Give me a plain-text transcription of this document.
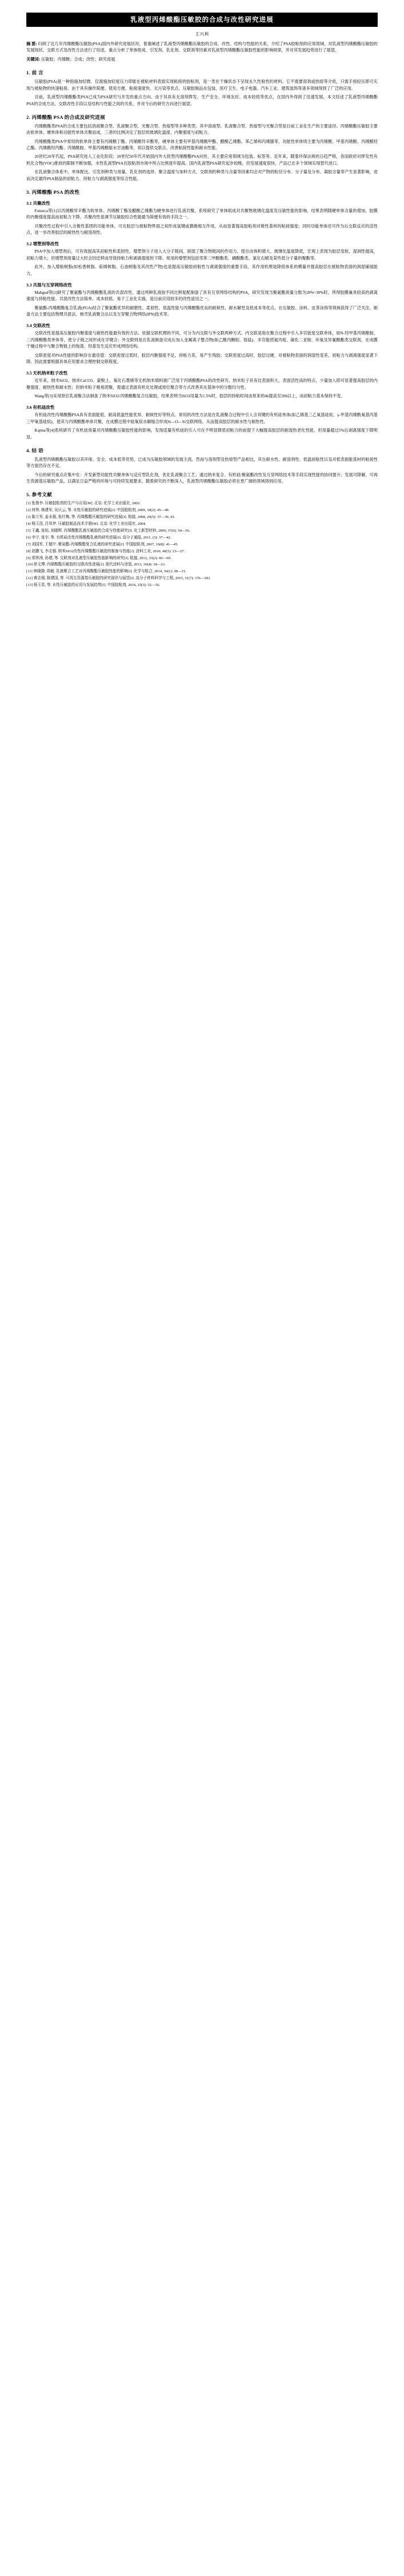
乳液型丙烯酸酯压敏胶的合成与改性研究进展
王兴利
摘 要: 归纳了近几年丙烯酸酯压敏胶(PSA)国内外研究进展状况，着重阐述了乳液型丙烯酸酯压敏胶的合成、改性、结构与性能的关系，介绍了PSA胶粘剂的应用领域。对乳液型丙烯酸酯压敏胶的发展现状、交联方式及改性方法进行了综述，重点分析了单体组成、引发剂、乳化剂、交联剂等因素对乳液型丙烯酸酯压敏胶性能的影响规律，并对其发展趋势进行了展望。
关键词: 压敏胶；丙烯酸；合成；改性；研究进展
1. 前 言

压敏胶(PSA)是一种指施加轻微、仅需施加轻度压力即能在被粘材料表面实现粘接的胶粘剂，是一类在干燥状态下呈现永久性粘性的材料。它不需要溶剂或热熔等介质，只需手指轻压即可实现与被粘物的快速粘接。由于具有操作简便、使用方便、粘接速度快、无污染等优点，压敏胶制品在包装、医疗卫生、电子电器、汽车工业、建筑装饰等诸多领域得到了广泛的应用。

目前，乳液型丙烯酸酯类PSA已成为PSA研究与开发的重点方向。由于其具有无溶剂挥发、生产安全、环境友好、成本较低等优点，在国内外得到了迅速发展。本文综述了乳液型丙烯酸酯PSA的合成方法、交联改性手段以及结构与性能之间的关系，并对今后的研究方向进行展望。

2. 丙烯酸酯 PSA 的合成及研究进展

丙烯酸酯类PSA的合成主要包括溶液聚合型、乳液聚合型、光聚合型、热熔型等多种类型。其中溶液型、乳液聚合型、热熔型与光聚合型是目前工业化生产的主要途径。丙烯酸酯压敏胶主要由软单体、硬单体和功能性单体共聚而成，三者的比例决定了胶层的玻璃化温度、内聚强度与初粘力。

丙烯酸酯类PSA中常用的软单体主要有丙烯酸丁酯、丙烯酸异辛酯等，硬单体主要有甲基丙烯酸甲酯、醋酸乙烯酯、苯乙烯和丙烯腈等，功能性单体则主要为丙烯酸、甲基丙烯酸、丙烯酸羟乙酯、丙烯酸羟丙酯、丙烯酰胺、甲基丙烯酸缩水甘油酯等，用以提供交联点、改善粘接性能和耐水性能。

20世纪20年代起，PSA研究进入工业化阶段；20世纪50年代开始国内外大批型丙烯酸酯PSA问世，其主要应用领域为包装、标签等。近年来，随着环保法规的日趋严格，各国政府对挥发性有机化合物(VOC)排放的限制不断加强，水性乳液型PSA在胶粘剂市场中所占比例逐年提高。国内乳液型PSA研究起步较晚，但发展速度很快，产品已在多个领域实现替代进口。

在乳液聚合体系中，单体配比、引发剂种类与用量、乳化剂的选择、聚合温度与加料方式、交联剂的种类与含量等因素均会对产物的粒径分布、分子量及分布、凝胶含量等产生显著影响，进而决定最终PSA制品的初粘力、持粘力与剥离强度等综合性能。

3. 丙烯酸酯 PSA 的改性
3.1 共聚改性

Fonseca等[1]以丙烯酸异辛酯为软单体、丙烯酸丁酯及醋酸乙烯酯为硬单体进行乳液共聚，系统研究了单体组成对共聚物玻璃化温度及压敏性能的影响，结果表明随硬单体含量的增加，胶膜的内聚强度提高而初粘力下降。共聚改性是调节压敏胶综合性能最为简便有效的手段之一。

共聚改性过程中引入含极性基团的功能单体，可在胶层与被粘物界面之间形成氢键或偶极相互作用，从而显著提高胶粘剂对极性基材的粘接强度；同时功能单体还可作为后交联反应的活性点，进一步改善胶层的耐热性与耐溶剂性。

3.2 增塑剂等改性

PSA中加入增塑剂后，可有效提高其初粘性和柔韧性。增塑剂分子进入大分子链间，削弱了聚合物链间的作用力，使自由体积增大、玻璃化温度降低，宏观上表现为胶层变软、湿润性提高，初粘力增大；但增塑剂用量过大时会因迁移而导致持粘力和剥离强度的下降。常用的增塑剂包括邻苯二甲酸酯类、磷酸酯类、氯化石蜡及某些低分子量的聚酯等。

此外，加入增粘树脂(如松香树脂、萜烯树脂、石油树脂及其改性产物)也是提高压敏胶初粘性与剥离强度的重要手段，其作用机理是降低体系的模量并提高胶层在被粘物表面的润湿铺展能力。

3.3 共混与互穿网络改性

Mabgud等[2]研究了聚氨酯与丙烯酸酯乳液的共混改性，通过两种乳液按不同比例复配制备了具有互穿网络结构的PSA，研究发现当聚氨酯质量分数为20%~30%时，所得胶膜兼具较高的剥离强度与持粘性能。共混改性方法简单、成本较低、易于工业化实施，是目前应用较多的改性途径之一。

聚氨酯-丙烯酸酯复合乳液(PUA)结合了聚氨酯优异的耐磨性、柔韧性、低温性能与丙烯酸酯优良的耐候性、耐水解性及低成本等优点，在压敏胶、涂料、皮革涂饰等领域获得了广泛关注。制备方法主要包括物理共混法、核壳乳液聚合法以及互穿聚合物网络(IPN)技术等。

3.4 交联改性

交联改性是提高压敏胶内聚强度与耐热性能最有效的方法。依据交联机理的不同，可分为内交联与外交联两种方式。内交联是指在聚合过程中引入多官能度交联单体，如N-羟甲基丙烯酰胺、二丙烯酸酯类单体等，使分子链之间形成化学键合；外交联则是在乳液制备完成后加入金属离子螯合物(如乙酰丙酮铝、锆盐)、多官能团氮丙啶、碳化二亚胺、环氧及异氰酸酯类交联剂，在成膜干燥过程中与聚合物链上的羧基、羟基发生反应形成网络结构。

交联密度对PSA性能的影响存在最佳值：交联密度过低时，胶层内聚强度不足，持粘力差，易产生残胶；交联密度过高时，胶层过硬，对被粘物表面的润湿性变差，初粘力与剥离强度显著下降。因此需要根据具体应用要求合理控制交联程度。

3.5 无机纳米粒子改性

近年来，纳米SiO2、纳米CaCO3、蒙脱土、氧化石墨烯等无机纳米填料被广泛用于丙烯酸酯PSA的改性研究。纳米粒子具有比表面积大、表面活性高的特点，少量加入即可显著提高胶层的内聚强度、耐热性和耐水性；但纳米粒子极易团聚，需通过表面有机化处理或原位聚合等方式改善其在基体中的分散均匀性。

Wang等[3]采用原位乳液聚合法制备了纳米SiO2/丙烯酸酯复合压敏胶，结果表明当SiO2用量为1.5%时，胶层的持粘时间由原来的4h提高至20h以上，而初粘力基本保持不变。

3.6 有机硅改性

有机硅改性丙烯酸酯PSA具有表面能低、耐高低温性能优异、耐候性好等特点。常用的改性方法是在乳液聚合过程中引入含双键的有机硅单体(如乙烯基三乙氧基硅烷、γ-甲基丙烯酰氧基丙基三甲氧基硅烷)，使其与丙烯酸酯单体共聚，在成膜过程中硅氧烷水解缩合形成Si—O—Si交联网络，从而提高胶层的耐水性与耐热性。

Kajtna等[4]系统研究了有机硅用量对丙烯酸酯压敏胶性能的影响，发现适量有机硅的引入可在不明显降低初粘力的前提下大幅提高胶层的耐湿热老化性能，但用量超过5%后剥离强度下降明显。

4. 结 语

乳液型丙烯酸酯压敏胶以其环保、安全、成本低等优势，已成为压敏胶领域的发展主流。然而与溶剂型及热熔型产品相比，其在耐水性、耐溶剂性、低温初粘性以及对低表面能基材的粘接性等方面仍存在不足。

今后的研究重点应集中在：开发新型功能性共聚单体与反应型乳化剂，优化乳液聚合工艺；通过纳米复合、有机硅/聚氨酯改性及互穿网络技术等手段实现性能的协同提升；发展可降解、可再生资源基压敏胶产品，以满足日益严格的环保与可持续发展要求。随着研究的不断深入，乳液型丙烯酸酯压敏胶必将在更广阔的领域得到应用。

5. 参考文献
[1] 张俊李. 压敏胶粘剂的生产与应用[M]. 北京: 化学工业出版社, 2002.
[2] 何伟, 杨建军, 吴庆云, 等. 水性压敏胶的研究进展[J]. 中国胶粘剂, 2009, 18(2): 45—49.
[3] 陈立军, 姜永强, 张红梅, 等. 丙烯酸酯压敏胶的研究进展[J]. 粘接, 2008, 29(5): 37—39, 43.
[4] 杨玉昆, 吕凤亭. 压敏胶制品技术手册[M]. 北京: 化学工业出版社, 2004.
[5] 王鑫, 张旭, 刘晓辉. 丙烯酸酯乳液压敏胶的合成与性能研究[J]. 化工新型材料, 2009, 37(6): 54—56.
[6] 李宁, 张宇, 等. 有机硅改性丙烯酸酯乳液的研究进展[J]. 高分子通报, 2011, (3): 37—42.
[7] 刘国军, 王德中. 聚氨酯-丙烯酸酯复合乳液的研究进展[J]. 中国胶粘剂, 2007, 16(8): 41—45.
[8] 赵鹏飞, 李志强. 纳米SiO2改性丙烯酸酯压敏胶的制备与性能[J]. 涂料工业, 2010, 40(5): 23—27.
[9] 郑伟涛, 孙建, 等. 交联剂对乳液型压敏胶性能影响的研究[J]. 粘接, 2012, 33(2): 66—69.
[10] 徐文博. 丙烯酸酯压敏胶的交联改性进展[J]. 现代涂料与涂装, 2013, 16(4): 18—21.
[11] 林晓静, 周敏. 乳液聚合工艺对丙烯酸酯压敏胶性能的影响[J]. 化学与粘合, 2014, 36(1): 28—31.
[12] 黄志强, 陈建国, 等. 可再生资源基压敏胶的研究现状与展望[J]. 高分子材料科学与工程, 2015, 31(7): 176—181.
[13] 杨玉昆, 等. 水性压敏胶的应用与发展趋势[J]. 中国胶粘剂, 2016, 25(3): 52—56.
